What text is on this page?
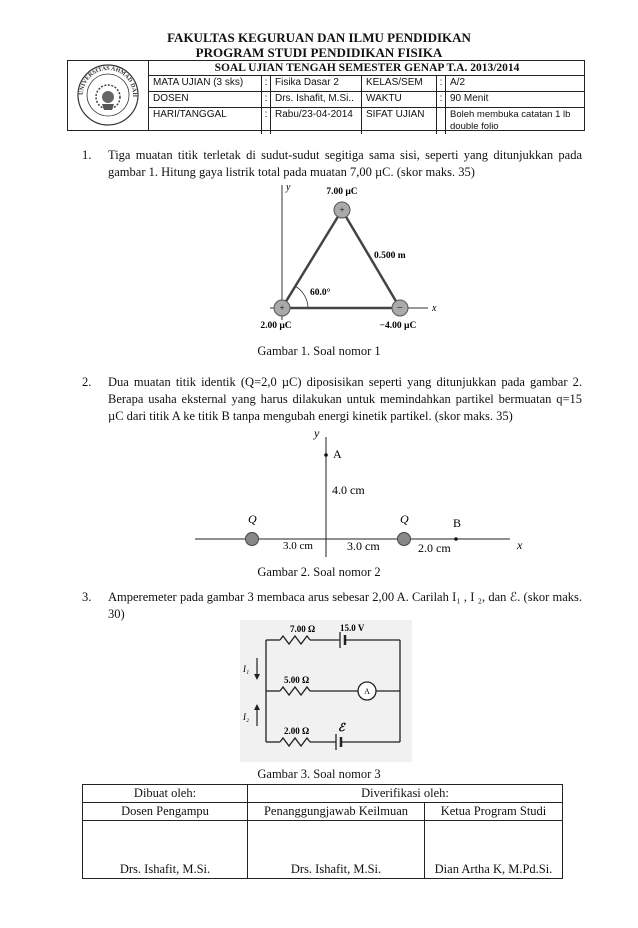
FAKULTAS KEGURUAN DAN ILMU PENDIDIKAN
PROGRAM STUDI PENDIDIKAN FISIKA
UNIVERSITAS AHMAD DAH
SOAL UJIAN TENGAH SEMESTER GENAP T.A. 2013/2014
MATA UJIAN (3 sks)	:	Fisika Dasar 2	KELAS/SEM	:	A/2
DOSEN	:	Drs. Ishafit, M.Si..	WAKTU	:	90 Menit
HARI/TANGGAL	:	Rabu/23-04-2014	SIFAT UJIAN		Boleh membuka catatan 1 lb double folio
1. Tiga muatan titik terletak di sudut-sudut segitiga sama sisi, seperti yang ditunjukkan pada gambar 1. Hitung gaya listrik total pada muatan 7,00 µC. (skor maks. 35)
+
+	−
y
x
7.00 µC
2.00 µC	−4.00 µC
0.500 m
60.0°
Gambar 1. Soal nomor 1
2. Dua muatan titik identik (Q=2,0 µC) diposisikan seperti yang ditunjukkan pada gambar 2. Berapa usaha eksternal yang harus dilakukan untuk memindahkan partikel bermuatan q=15 µC dari titik A ke titik B tanpa mengubah energi kinetik partikel. (skor maks. 35)
y
x
A
B
Q	Q
4.0 cm
3.0 cm	3.0 cm	2.0 cm
Gambar 2. Soal nomor 2
3. Amperemeter pada gambar 3 membaca arus sebesar 2,00 A. Carilah I₁ , I ₂, dan ℰ. (skor maks. 30)
7.00 Ω	15.0 V
5.00 Ω
2.00 Ω	ℰ
A
I₁
I₂
Gambar 3. Soal nomor 3
Dibuat oleh:	Diverifikasi oleh:	
Dosen Pengampu	Penanggungjawab Keilmuan	Ketua Program Studi
Drs. Ishafit, M.Si.	Drs. Ishafit, M.Si.	Dian Artha K, M.Pd.Si.
